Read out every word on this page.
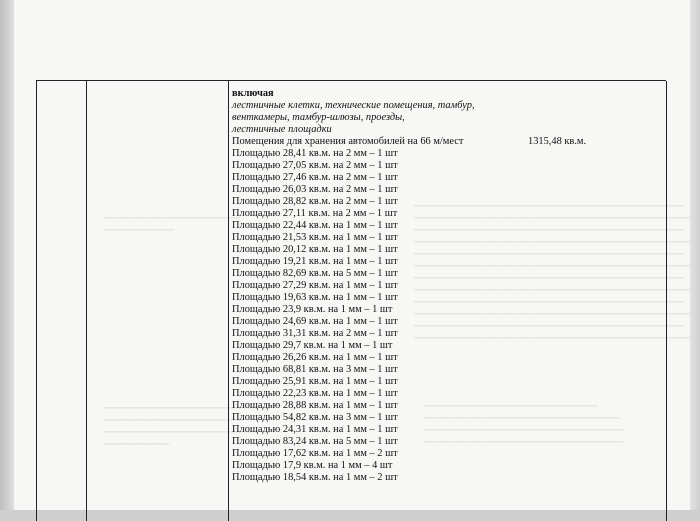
━━━━━━━━━━━━━━━━━━━━━━━━━━━━━━━━━━━━━━━━━━━━━━━━━━
━━━━━━━━━━━━━━━━━━━━━━━━━━━━━━━━━━━━━━━━━━━━━━━━━━━
━━━━━━━━━━━━━━━━━━━━━━━━━━━━━━━━━━━━━━━━━━━━━━━━━━
━━━━━━━━━━━━━━━━━━━━━━━━━━━━━━━━━━━━━━━━━━━━━━━━━━━
━━━━━━━━━━━━━━━━━━━━━━━━━━━━━━━━━━━━━━━━━━━━━━━━━━
━━━━━━━━━━━━━━━━━━━━━━━━━━━━━━━━━━━━━━━━━━━━━━━━━━━
━━━━━━━━━━━━━━━━━━━━━━━━━━━━━━━━━━━━━━━━━━━━━━━━━━
━━━━━━━━━━━━━━━━━━━━━━━━━━━━━━━━━━━━━━━━━━━━━━━━━━━
━━━━━━━━━━━━━━━━━━━━━━━━━━━━━━━━━━━━━━━━━━━━━━━━━━
━━━━━━━━━━━━━━━━━━━━━━━━━━━━━━━━━━━━━━━━━━━━━━━━━━━
━━━━━━━━━━━━━━━━━━━━━━━━━━━━━━━━━━━━━━━━━━━━━━━━━━
━━━━━━━━━━━━━━━━━━━━━━━━━━━━━━━━━━━━━━━━━━━━━━━━━━━
━━━━━━━━━━━━━━━━━━━━━━━━━
━━━━━━━━━━━━━
━━━━━━━━━━━━━━━━━━━━━━━━━━━━
━━━━━━━━━━━━━━━━━━━━━━━━━━
━━━━━━━━━━━━━━━━━━━━━━━━━━━━
━━━━━━━━━━━━
━━━━━━━━━━━━━━━━━━━━━━━━━━━━━━━━
━━━━━━━━━━━━━━━━━━━━━━━━━━━━━━━━━━━━
━━━━━━━━━━━━━━━━━━━━━━━━━━━━━━━━━━━━━
━━━━━━━━━━━━━━━━━━━━━━━━━━━━━━━━━━━━━
включая
лестничные клетки, технические помещения, тамбур,
венткамеры, тамбур-шлюзы, проезды,
лестничные площадки
Помещения для хранения автомобилей на 66 м/мест	1315,48 кв.м.
Площадью 28,41 кв.м. на 2 мм – 1 шт
Площадью 27,05 кв.м. на 2 мм – 1 шт
Площадью 27,46 кв.м. на 2 мм – 1 шт
Площадью 26,03 кв.м. на 2 мм – 1 шт
Площадью 28,82 кв.м. на 2 мм – 1 шт
Площадью 27,11 кв.м. на 2 мм – 1 шт
Площадью 22,44 кв.м. на 1 мм – 1 шт
Площадью 21,53 кв.м. на 1 мм – 1 шт
Площадью 20,12 кв.м. на 1 мм – 1 шт
Площадью 19,21 кв.м. на 1 мм – 1 шт
Площадью 82,69 кв.м. на 5 мм – 1 шт
Площадью 27,29 кв.м. на 1 мм – 1 шт
Площадью 19,63 кв.м. на 1 мм – 1 шт
Площадью 23,9 кв.м. на 1 мм – 1 шт
Площадью 24,69 кв.м. на 1 мм – 1 шт
Площадью 31,31 кв.м. на 2 мм – 1 шт
Площадью 29,7 кв.м. на 1 мм – 1 шт
Площадью 26,26 кв.м. на 1 мм – 1 шт
Площадью 68,81 кв.м. на 3 мм – 1 шт
Площадью 25,91 кв.м. на 1 мм – 1 шт
Площадью 22,23 кв.м. на 1 мм – 1 шт
Площадью 28,88 кв.м. на 1 мм – 1 шт
Площадью 54,82 кв.м. на 3 мм – 1 шт
Площадью 24,31 кв.м. на 1 мм – 1 шт
Площадью 83,24 кв.м. на 5 мм – 1 шт
Площадью 17,62 кв.м. на 1 мм – 2 шт
Площадью 17,9 кв.м. на 1 мм – 4 шт
Площадью 18,54 кв.м. на 1 мм – 2 шт
